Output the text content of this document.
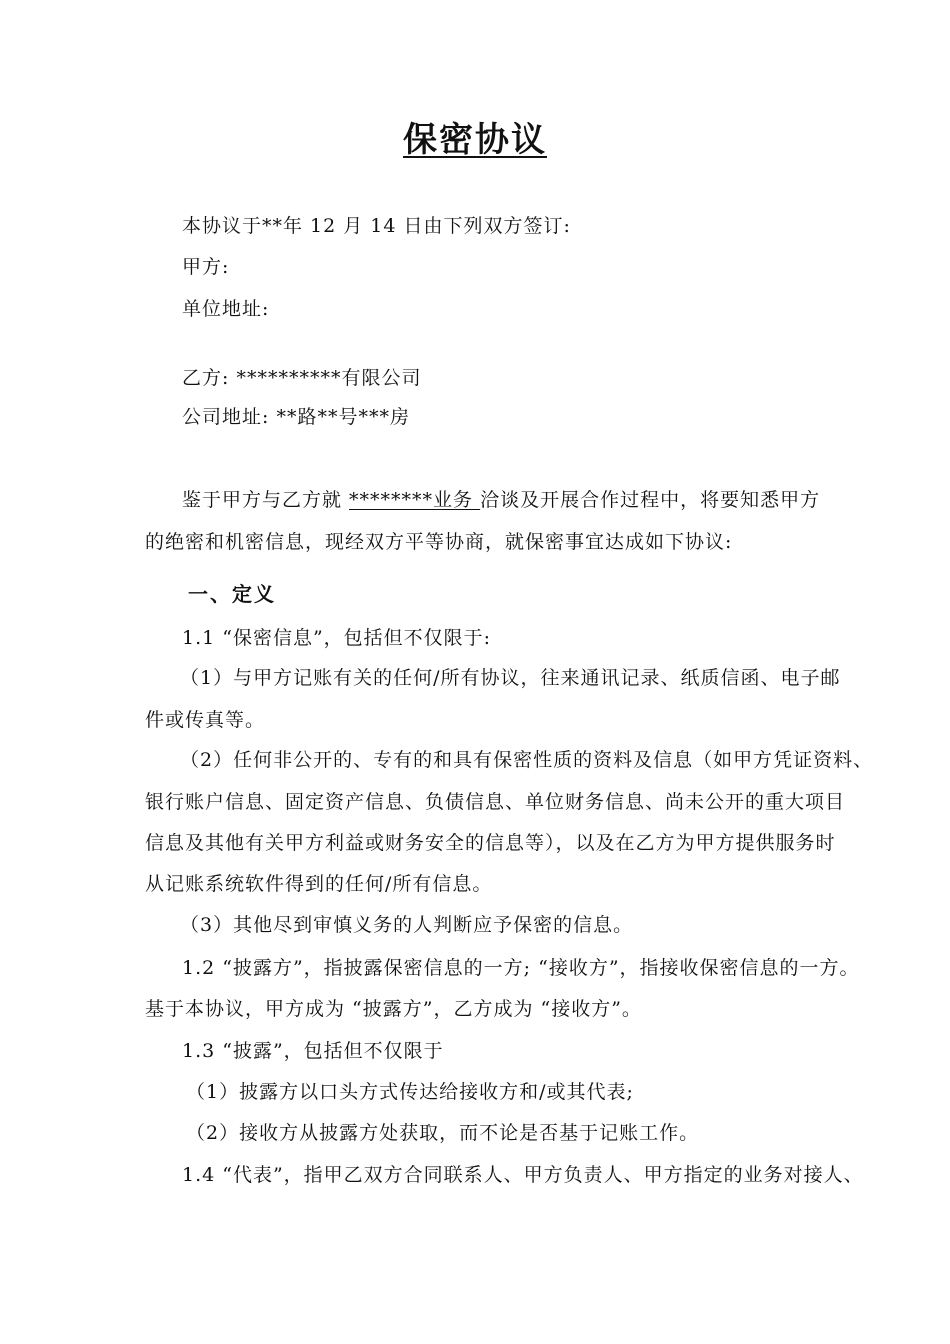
保密协议
本协议于**年 12 月 14 日由下列双方签订:
甲方:
单位地址:
乙方: **********有限公司
公司地址: **路**号***房
鉴于甲方与乙方就 ********业务 洽谈及开展合作过程中，将要知悉甲方
的绝密和机密信息，现经双方平等协商，就保密事宜达成如下协议:
一、定义
1.1 “保密信息”，包括但不仅限于:
（1）与甲方记账有关的任何/所有协议，往来通讯记录、纸质信函、电子邮
件或传真等。
（2）任何非公开的、专有的和具有保密性质的资料及信息（如甲方凭证资料、
银行账户信息、固定资产信息、负债信息、单位财务信息、尚未公开的重大项目
信息及其他有关甲方利益或财务安全的信息等），以及在乙方为甲方提供服务时
从记账系统软件得到的任何/所有信息。
（3）其他尽到审慎义务的人判断应予保密的信息。
1.2 “披露方”，指披露保密信息的一方; “接收方”，指接收保密信息的一方。
基于本协议，甲方成为 “披露方”，乙方成为 “接收方”。
1.3 “披露”，包括但不仅限于
（1）披露方以口头方式传达给接收方和/或其代表;
（2）接收方从披露方处获取，而不论是否基于记账工作。
1.4 “代表”，指甲乙双方合同联系人、甲方负责人、甲方指定的业务对接人、
